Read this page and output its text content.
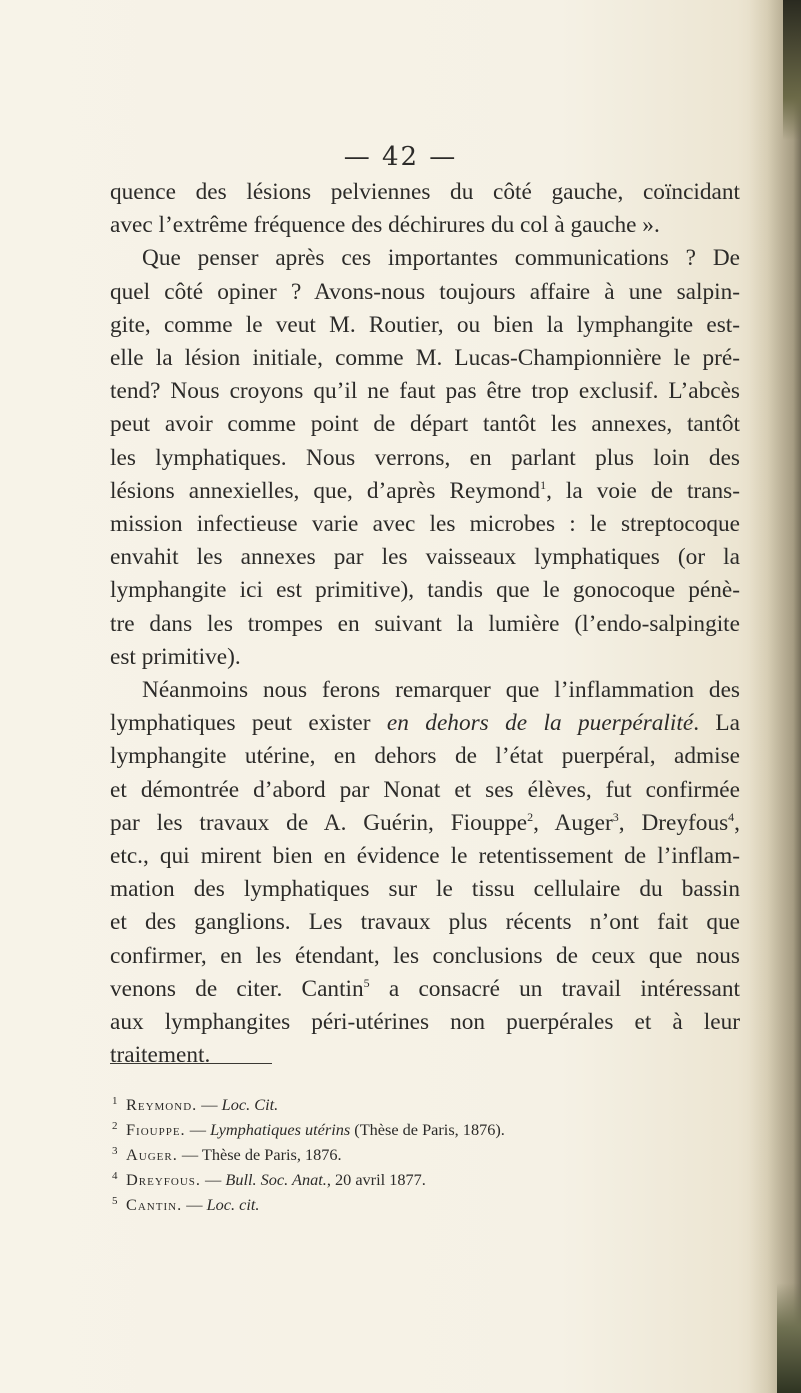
— 42 —

quence des lésions pelviennes du côté gauche, coïncidant

avec l’extrême fréquence des déchirures du col à gauche ».

Que penser après ces importantes communications ? De

quel côté opiner ? Avons-nous toujours affaire à une salpin-

gite, comme le veut M. Routier, ou bien la lymphangite est-

elle la lésion initiale, comme M. Lucas-Championnière le pré-

tend? Nous croyons qu’il ne faut pas être trop exclusif. L’abcès

peut avoir comme point de départ tantôt les annexes, tantôt

les lymphatiques. Nous verrons, en parlant plus loin des

lésions annexielles, que, d’après Reymond$^1$, la voie de trans-

mission infectieuse varie avec les microbes : le streptocoque

envahit les annexes par les vaisseaux lymphatiques (or la

lymphangite ici est primitive), tandis que le gonocoque pénè-

tre dans les trompes en suivant la lumière (l’endo-salpingite

est primitive).

Néanmoins nous ferons remarquer que l’inflammation des

lymphatiques peut exister en dehors de la puerpéralité. La

lymphangite utérine, en dehors de l’état puerpéral, admise

et démontrée d’abord par Nonat et ses élèves, fut confirmée

par les travaux de A. Guérin, Fiouppe$^2$, Auger$^3$, Dreyfous$^4$,

etc., qui mirent bien en évidence le retentissement de l’inflam-

mation des lymphatiques sur le tissu cellulaire du bassin

et des ganglions. Les travaux plus récents n’ont fait que

confirmer, en les étendant, les conclusions de ceux que nous

venons de citer. Cantin$^5$ a consacré un travail intéressant

aux lymphangites péri-utérines non puerpérales et à leur

traitement.

1 Reymond. — Loc. Cit.
2 Fiouppe. — Lymphatiques utérins (Thèse de Paris, 1876).
3 Auger. — Thèse de Paris, 1876.
4 Dreyfous. — Bull. Soc. Anat., 20 avril 1877.
5 Cantin. — Loc. cit.
